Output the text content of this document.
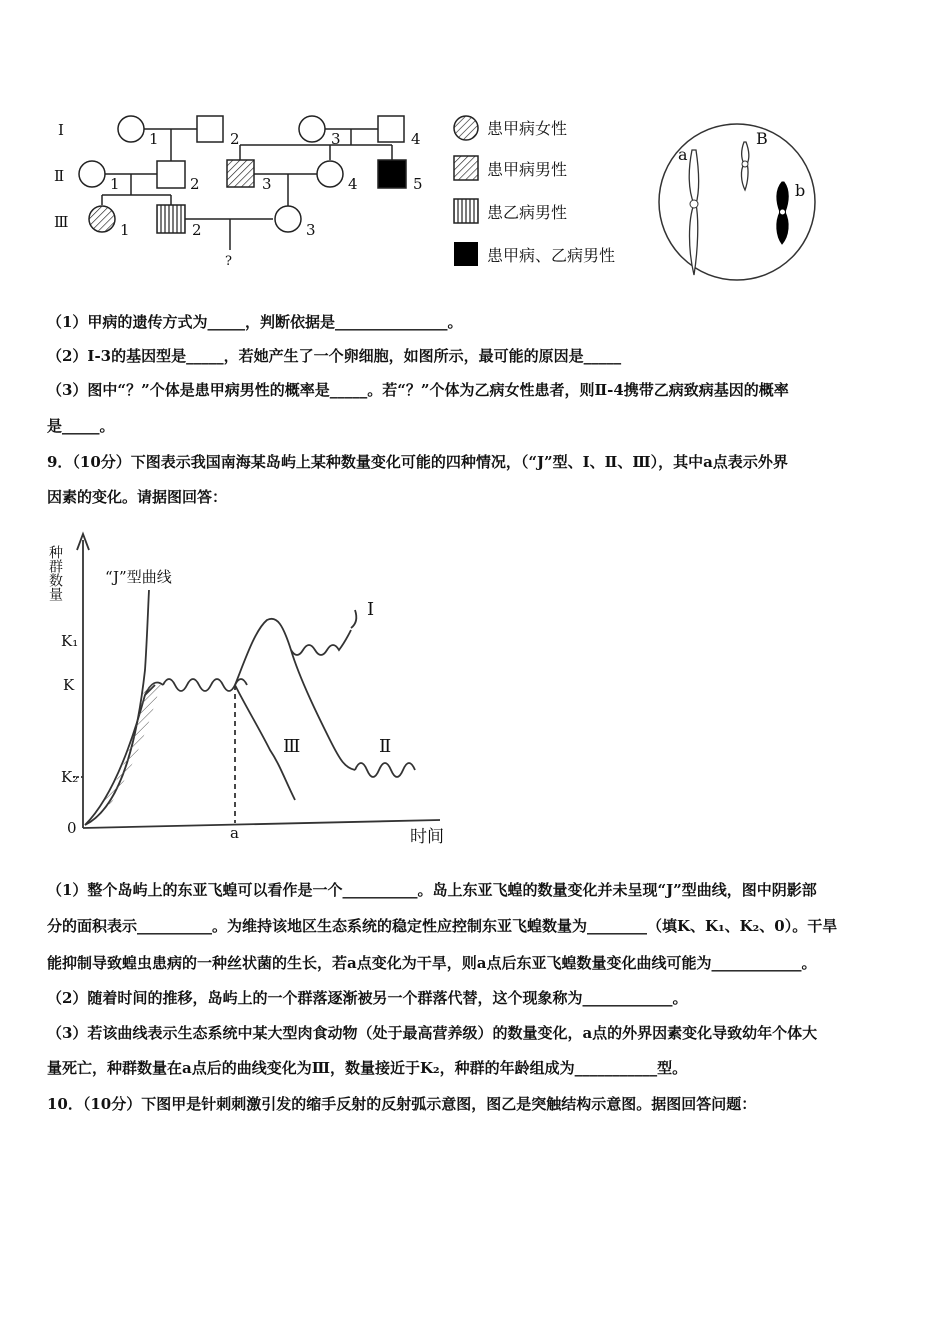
Ⅰ
Ⅱ
Ⅲ
1	2	3	4
1	2	3	4	5
1	2	3
?
患甲病女性
患甲病男性
患乙病男性
患甲病、乙病男性
a
B
b
（1）甲病的遗传方式为_____，判断依据是_______________。
（2）Ⅰ-3的基因型是_____，若她产生了一个卵细胞，如图所示，最可能的原因是_____
（3）图中“？”个体是患甲病男性的概率是_____。若“？”个体为乙病女性患者，则Ⅱ-4携带乙病致病基因的概率
是_____。
9．（10分）下图表示我国南海某岛屿上某种数量变化可能的四种情况，（“J”型、Ⅰ、Ⅱ、Ⅲ），其中a点表示外界
因素的变化。请据图回答：
种群数量	“J”型曲线
K₁
K
K₂
0	a	时间
Ⅰ
Ⅱ
Ⅲ
（1）整个岛屿上的东亚飞蝗可以看作是一个__________。岛上东亚飞蝗的数量变化并未呈现“J”型曲线，图中阴影部
分的面积表示__________。为维持该地区生态系统的稳定性应控制东亚飞蝗数量为________（填K、K₁、K₂、0）。干旱
能抑制导致蝗虫患病的一种丝状菌的生长，若a点变化为干旱，则a点后东亚飞蝗数量变化曲线可能为____________。
（2）随着时间的推移，岛屿上的一个群落逐渐被另一个群落代替，这个现象称为____________。
（3）若该曲线表示生态系统中某大型肉食动物（处于最高营养级）的数量变化，a点的外界因素变化导致幼年个体大
量死亡，种群数量在a点后的曲线变化为Ⅲ，数量接近于K₂，种群的年龄组成为___________型。
10．（10分）下图甲是针刺刺激引发的缩手反射的反射弧示意图，图乙是突触结构示意图。据图回答问题：
